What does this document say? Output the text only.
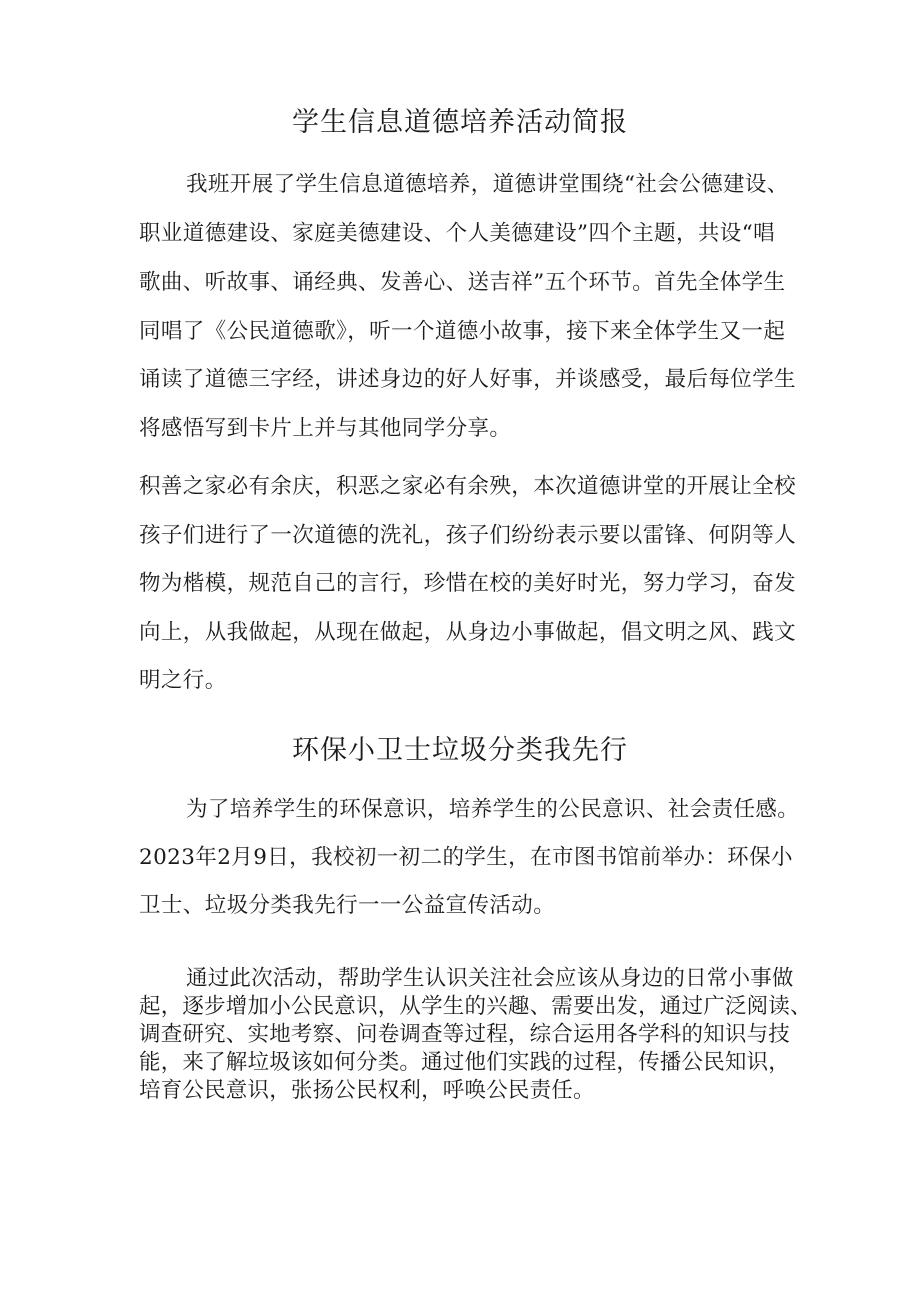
学生信息道德培养活动简报
我班开展了学生信息道德培养，道德讲堂围绕“社会公德建设、
职业道德建设、家庭美德建设、个人美德建设”四个主题，共设“唱
歌曲、听故事、诵经典、发善心、送吉祥”五个环节。首先全体学生
同唱了《公民道德歌》，听一个道德小故事，接下来全体学生又一起
诵读了道德三字经，讲述身边的好人好事，并谈感受，最后每位学生
将感悟写到卡片上并与其他同学分享。
积善之家必有余庆，积恶之家必有余殃，本次道德讲堂的开展让全校
孩子们进行了一次道德的洗礼，孩子们纷纷表示要以雷锋、何阴等人
物为楷模，规范自己的言行，珍惜在校的美好时光，努力学习，奋发
向上，从我做起，从现在做起，从身边小事做起，倡文明之风、践文
明之行。
环保小卫士垃圾分类我先行
为了培养学生的环保意识，培养学生的公民意识、社会责任感。
2023年2月9日，我校初一初二的学生，在市图书馆前举办：环保小
卫士、垃圾分类我先行一一公益宣传活动。
通过此次活动，帮助学生认识关注社会应该从身边的日常小事做
起，逐步增加小公民意识，从学生的兴趣、需要出发，通过广泛阅读、
调查研究、实地考察、问卷调查等过程，综合运用各学科的知识与技
能，来了解垃圾该如何分类。通过他们实践的过程，传播公民知识，
培育公民意识，张扬公民权利，呼唤公民责任。
